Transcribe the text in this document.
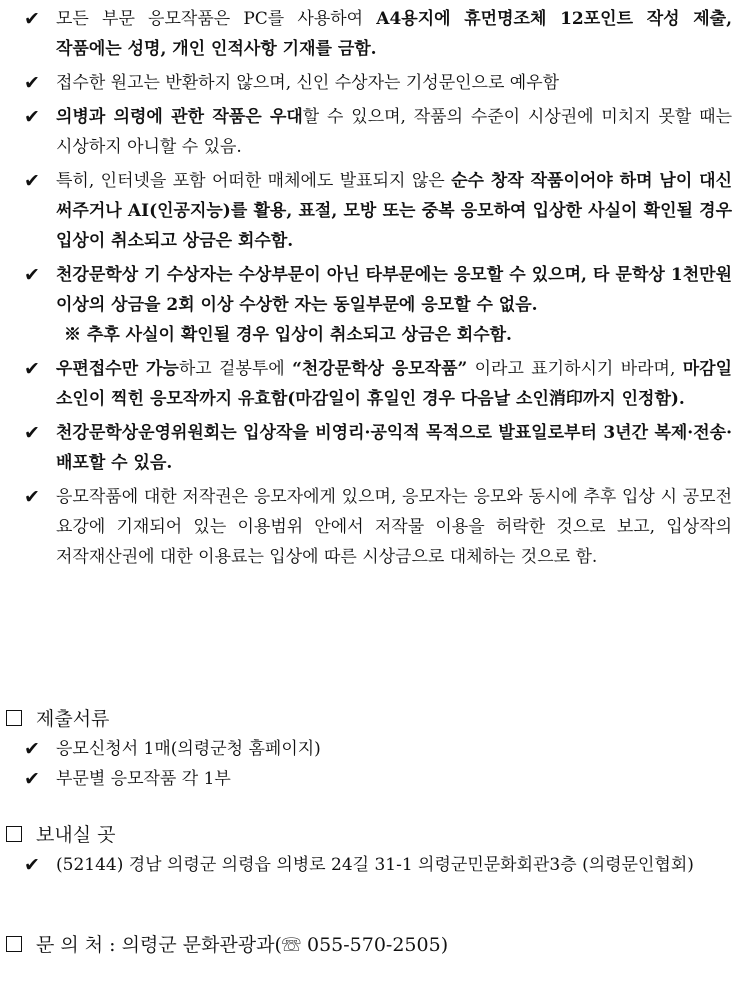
✔ 모든 부문 응모작품은 PC를 사용하여 A4용지에 휴먼명조체 12포인트 작성 제출, 작품에는 성명, 개인 인적사항 기재를 금함.
✔ 접수한 원고는 반환하지 않으며, 신인 수상자는 기성문인으로 예우함
✔ 의병과 의령에 관한 작품은 우대할 수 있으며, 작품의 수준이 시상권에 미치지 못할 때는 시상하지 아니할 수 있음.
✔ 특히, 인터넷을 포함 어떠한 매체에도 발표되지 않은 순수 창작 작품이어야 하며 남이 대신 써주거나 AI(인공지능)를 활용, 표절, 모방 또는 중복 응모하여 입상한 사실이 확인될 경우 입상이 취소되고 상금은 회수함.
✔ 천강문학상 기 수상자는 수상부문이 아닌 타부문에는 응모할 수 있으며, 타 문학상 1천만원 이상의 상금을 2회 이상 수상한 자는 동일부문에 응모할 수 없음.
※ 추후 사실이 확인될 경우 입상이 취소되고 상금은 회수함.
✔ 우편접수만 가능하고 겉봉투에 “천강문학상 응모작품” 이라고 표기하시기 바라며, 마감일 소인이 찍힌 응모작까지 유효함(마감일이 휴일인 경우 다음날 소인消印까지 인정함).
✔ 천강문학상운영위원회는 입상작을 비영리·공익적 목적으로 발표일로부터 3년간 복제·전송·배포할 수 있음.
✔ 응모작품에 대한 저작권은 응모자에게 있으며, 응모자는 응모와 동시에 추후 입상 시 공모전 요강에 기재되어 있는 이용범위 안에서 저작물 이용을 허락한 것으로 보고, 입상작의 저작재산권에 대한 이용료는 입상에 따른 시상금으로 대체하는 것으로 함.
제출서류
✔ 응모신청서 1매(의령군청 홈페이지)
✔ 부문별 응모작품 각 1부
보내실 곳
✔ (52144) 경남 의령군 의령읍 의병로 24길 31-1 의령군민문화회관3층 (의령문인협회)
문 의 처 : 의령군 문화관광과(☏ 055-570-2505)
